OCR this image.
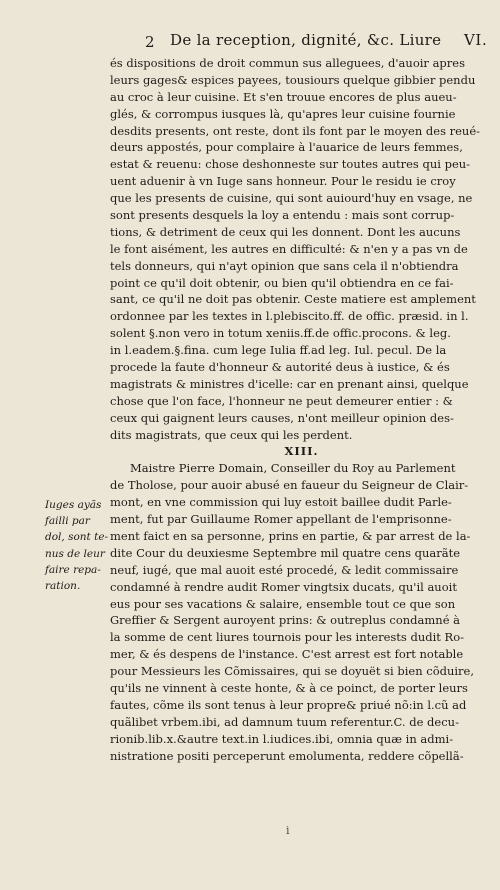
2 De la reception, dignité, &c. Liure VI.
és dispositions de droit commun sus alleguees, d'auoir apres
leurs gages& espices payees, tousiours quelque gibbier pendu
au croc à leur cuisine. Et s'en trouue encores de plus aueu-
glés, & corrompus iusques là, qu'apres leur cuisine fournie
desdits presents, ont reste, dont ils font par le moyen des reué-
deurs appostés, pour complaire à l'auarice de leurs femmes,
estat & reuenu: chose deshonneste sur toutes autres qui peu-
uent aduenir à vn Iuge sans honneur. Pour le residu ie croy
que les presents de cuisine, qui sont auiourd'huy en vsage, ne
sont presents desquels la loy a entendu : mais sont corrup-
tions, & detriment de ceux qui les donnent. Dont les aucuns
le font aisément, les autres en difficulté: & n'en y a pas vn de
tels donneurs, qui n'ayt opinion que sans cela il n'obtiendra
point ce qu'il doit obtenir, ou bien qu'il obtiendra en ce fai-
sant, ce qu'il ne doit pas obtenir. Ceste matiere est amplement
ordonnee par les textes in l.plebiscito.ff. de offic. præsid. in l.
solent §.non vero in totum xeniis.ff.de offic.procons. & leg.
in l.eadem.§.fina. cum lege Iulia ff.ad leg. Iul. pecul. De la
procede la faute d'honneur & autorité deus à iustice, & és
magistrats & ministres d'icelle: car en prenant ainsi, quelque
chose que l'on face, l'honneur ne peut demeurer entier : &
ceux qui gaignent leurs causes, n'ont meilleur opinion des-
dits magistrats, que ceux qui les perdent.
XIII.
Maistre Pierre Domain, Conseiller du Roy au Parlement
de Tholose, pour auoir abusé en faueur du Seigneur de Clair-
mont, en vne commission qui luy estoit baillee dudit Parle-
ment, fut par Guillaume Romer appellant de l'emprisonne-
ment faict en sa personne, prins en partie, & par arrest de la-
dite Cour du deuxiesme Septembre mil quatre cens quarãte
neuf, iugé, que mal auoit esté procedé, & ledit commissaire
condamné à rendre audit Romer vingtsix ducats, qu'il auoit
eus pour ses vacations & salaire, ensemble tout ce que son
Greffier & Sergent auroyent prins: & outreplus condamné à
la somme de cent liures tournois pour les interests dudit Ro-
mer, & és despens de l'instance. C'est arrest est fort notable
pour Messieurs les Cõmissaires, qui se doyuët si bien cõduire,
qu'ils ne vinnent à ceste honte, & à ce poinct, de porter leurs
fautes, cõme ils sont tenus à leur propre& priué nõ:in l.cũ ad
quãlibet vrbem.ibi, ad damnum tuum referentur.C. de decu-
rionib.lib.x.&autre text.in l.iudices.ibi, omnia quæ in admi-
nistratione positi perceperunt emolumenta, reddere cõpellã-
Iuges ayãs
failli par
dol, sont te-
nus de leur
faire repa-
ration.
i
